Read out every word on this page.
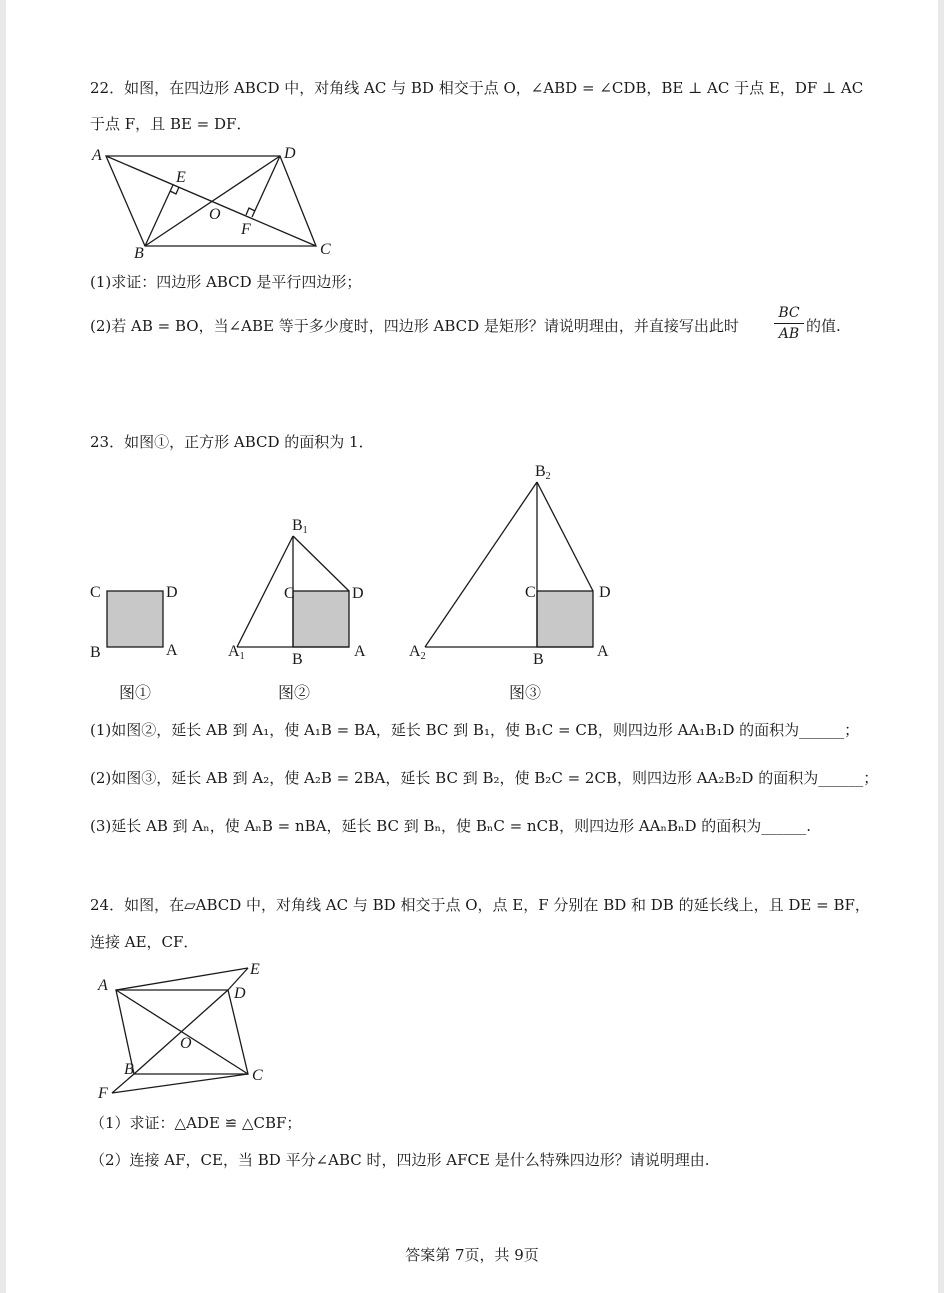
22．如图，在四边形 ABCD 中，对角线 AC 与 BD 相交于点 O，∠ABD = ∠CDB，BE ⊥ AC 于点 E，DF ⊥ AC
于点 F，且 BE = DF．
A	D
E
O
F
B	C
(1)求证：四边形 ABCD 是平行四边形；
(2)若 AB = BO，当∠ABE 等于多少度时，四边形 ABCD 是矩形？请说明理由，并直接写出此时
BC
AB 的值.
23．如图①，正方形 ABCD 的面积为 1．
C	D
B	A
B1
C	D
A1	B	A
B2
C	D
A2	B	A
图①	图②	图③
(1)如图②，延长 AB 到 A₁，使 A₁B = BA，延长 BC 到 B₁，使 B₁C = CB，则四边形 AA₁B₁D 的面积为______；
(2)如图③，延长 AB 到 A₂，使 A₂B = 2BA，延长 BC 到 B₂，使 B₂C = 2CB，则四边形 AA₂B₂D 的面积为______；
(3)延长 AB 到 Aₙ，使 AₙB = nBA，延长 BC 到 Bₙ，使 BₙC = nCB，则四边形 AAₙBₙD 的面积为______.
24．如图，在▱ABCD 中，对角线 AC 与 BD 相交于点 O，点 E，F 分别在 BD 和 DB 的延长线上，且 DE = BF，
连接 AE，CF．
A	D
E
O
B	C
F
（1）求证：△ADE ≌ △CBF；
（2）连接 AF，CE，当 BD 平分∠ABC 时，四边形 AFCE 是什么特殊四边形？请说明理由.
答案第 7页，共 9页
